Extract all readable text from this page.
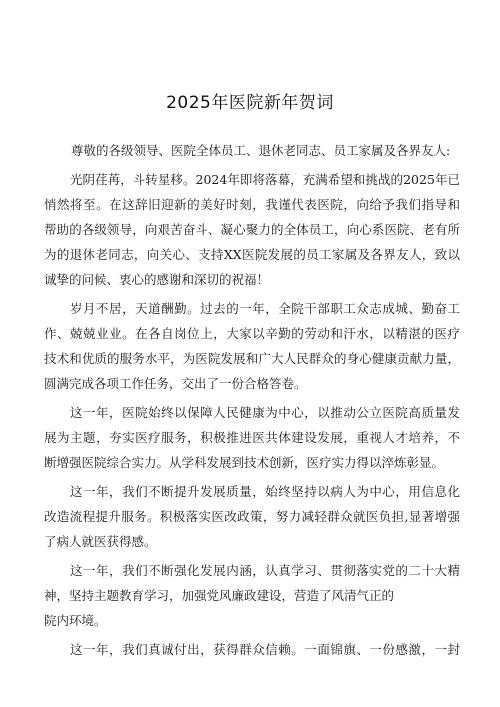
2025年医院新年贺词
尊敬的各级领导、医院全体员工、退休老同志、员工家属及各界友人:
光阴荏苒，斗转星移。2024年即将落幕，充满希望和挑战的2025年已
悄然将至。在这辞旧迎新的美好时刻，我谨代表医院，向给予我们指导和
帮助的各级领导，向艰苦奋斗、凝心聚力的全体员工，向心系医院、老有所
为的退休老同志，向关心、支持XX医院发展的员工家属及各界友人，致以
诚挚的问候、衷心的感谢和深切的祝福！
岁月不居，天道酬勤。过去的一年，全院干部职工众志成城、勤奋工
作、兢兢业业。在各自岗位上，大家以辛勤的劳动和汗水，以精湛的医疗
技术和优质的服务水平，为医院发展和广大人民群众的身心健康贡献力量，
圆满完成各项工作任务，交出了一份合格答卷。
这一年，医院始终以保障人民健康为中心，以推动公立医院高质量发
展为主题，夯实医疗服务，积极推进医共体建设发展，重视人才培养，不
断增强医院综合实力。从学科发展到技术创新，医疗实力得以淬炼彰显。
这一年，我们不断提升发展质量，始终坚持以病人为中心，用信息化
改造流程提升服务。积极落实医改政策，努力减轻群众就医负担,显著增强
了病人就医获得感。
这一年，我们不断强化发展内涵，认真学习、贯彻落实党的二十大精
神，坚持主题教育学习，加强党风廉政建设，营造了风清气正的
院内环境。
这一年，我们真诚付出，获得群众信赖。一面锦旗、一份感激，一封
